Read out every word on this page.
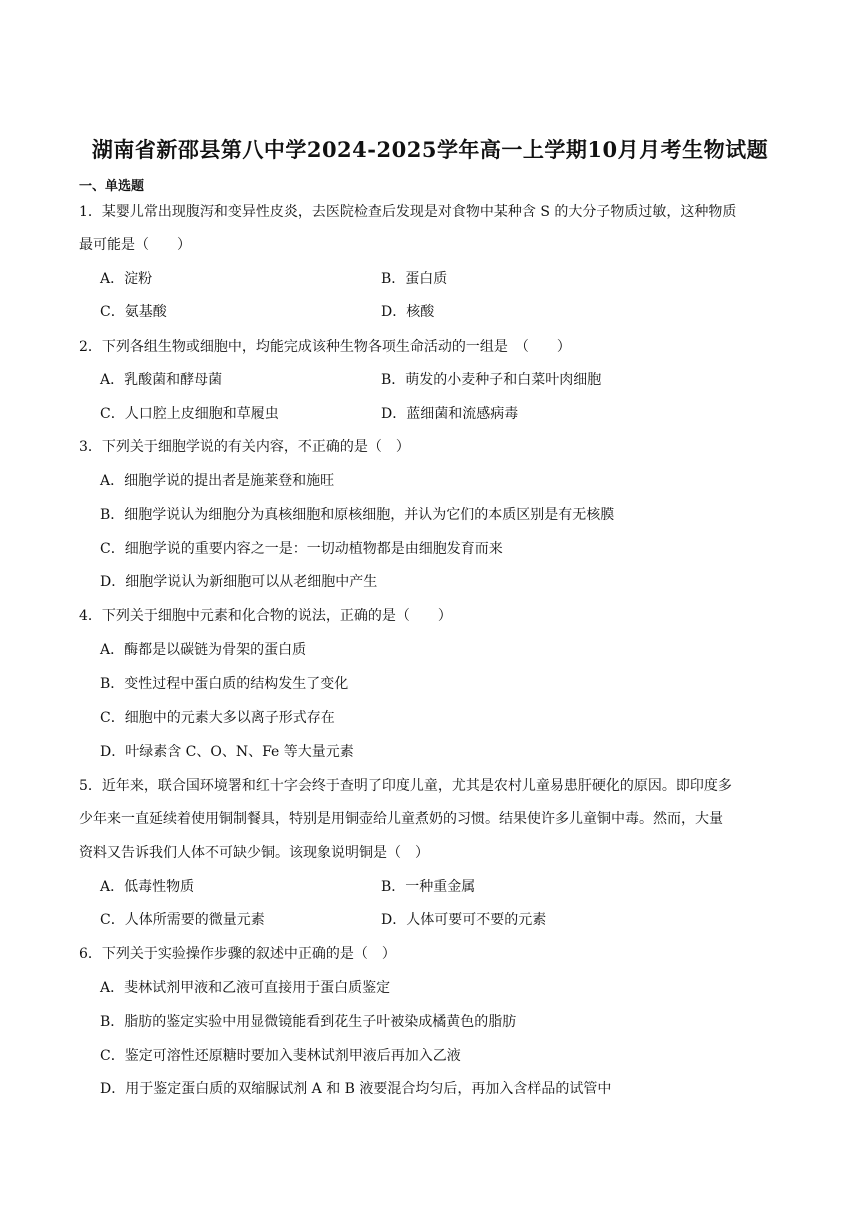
湖南省新邵县第八中学2024-2025学年高一上学期10月月考生物试题
一、单选题
1．某婴儿常出现腹泻和变异性皮炎，去医院检查后发现是对食物中某种含 S 的大分子物质过敏，这种物质
最可能是（　　）
A．淀粉	B．蛋白质
C．氨基酸	D．核酸
2．下列各组生物或细胞中，均能完成该种生物各项生命活动的一组是　（　　）
A．乳酸菌和酵母菌	B．萌发的小麦种子和白菜叶肉细胞
C．人口腔上皮细胞和草履虫	D．蓝细菌和流感病毒
3．下列关于细胞学说的有关内容，不正确的是（　）
A．细胞学说的提出者是施莱登和施旺
B．细胞学说认为细胞分为真核细胞和原核细胞，并认为它们的本质区别是有无核膜
C．细胞学说的重要内容之一是：一切动植物都是由细胞发育而来
D．细胞学说认为新细胞可以从老细胞中产生
4．下列关于细胞中元素和化合物的说法，正确的是（　　）
A．酶都是以碳链为骨架的蛋白质
B．变性过程中蛋白质的结构发生了变化
C．细胞中的元素大多以离子形式存在
D．叶绿素含 C、O、N、Fe 等大量元素
5．近年来，联合国环境署和红十字会终于查明了印度儿童，尤其是农村儿童易患肝硬化的原因。即印度多
少年来一直延续着使用铜制餐具，特别是用铜壶给儿童煮奶的习惯。结果使许多儿童铜中毒。然而，大量
资料又告诉我们人体不可缺少铜。该现象说明铜是（　）
A．低毒性物质	B．一种重金属
C．人体所需要的微量元素	D．人体可要可不要的元素
6．下列关于实验操作步骤的叙述中正确的是（　）
A．斐林试剂甲液和乙液可直接用于蛋白质鉴定
B．脂肪的鉴定实验中用显微镜能看到花生子叶被染成橘黄色的脂肪
C．鉴定可溶性还原糖时要加入斐林试剂甲液后再加入乙液
D．用于鉴定蛋白质的双缩脲试剂 A 和 B 液要混合均匀后，再加入含样品的试管中
